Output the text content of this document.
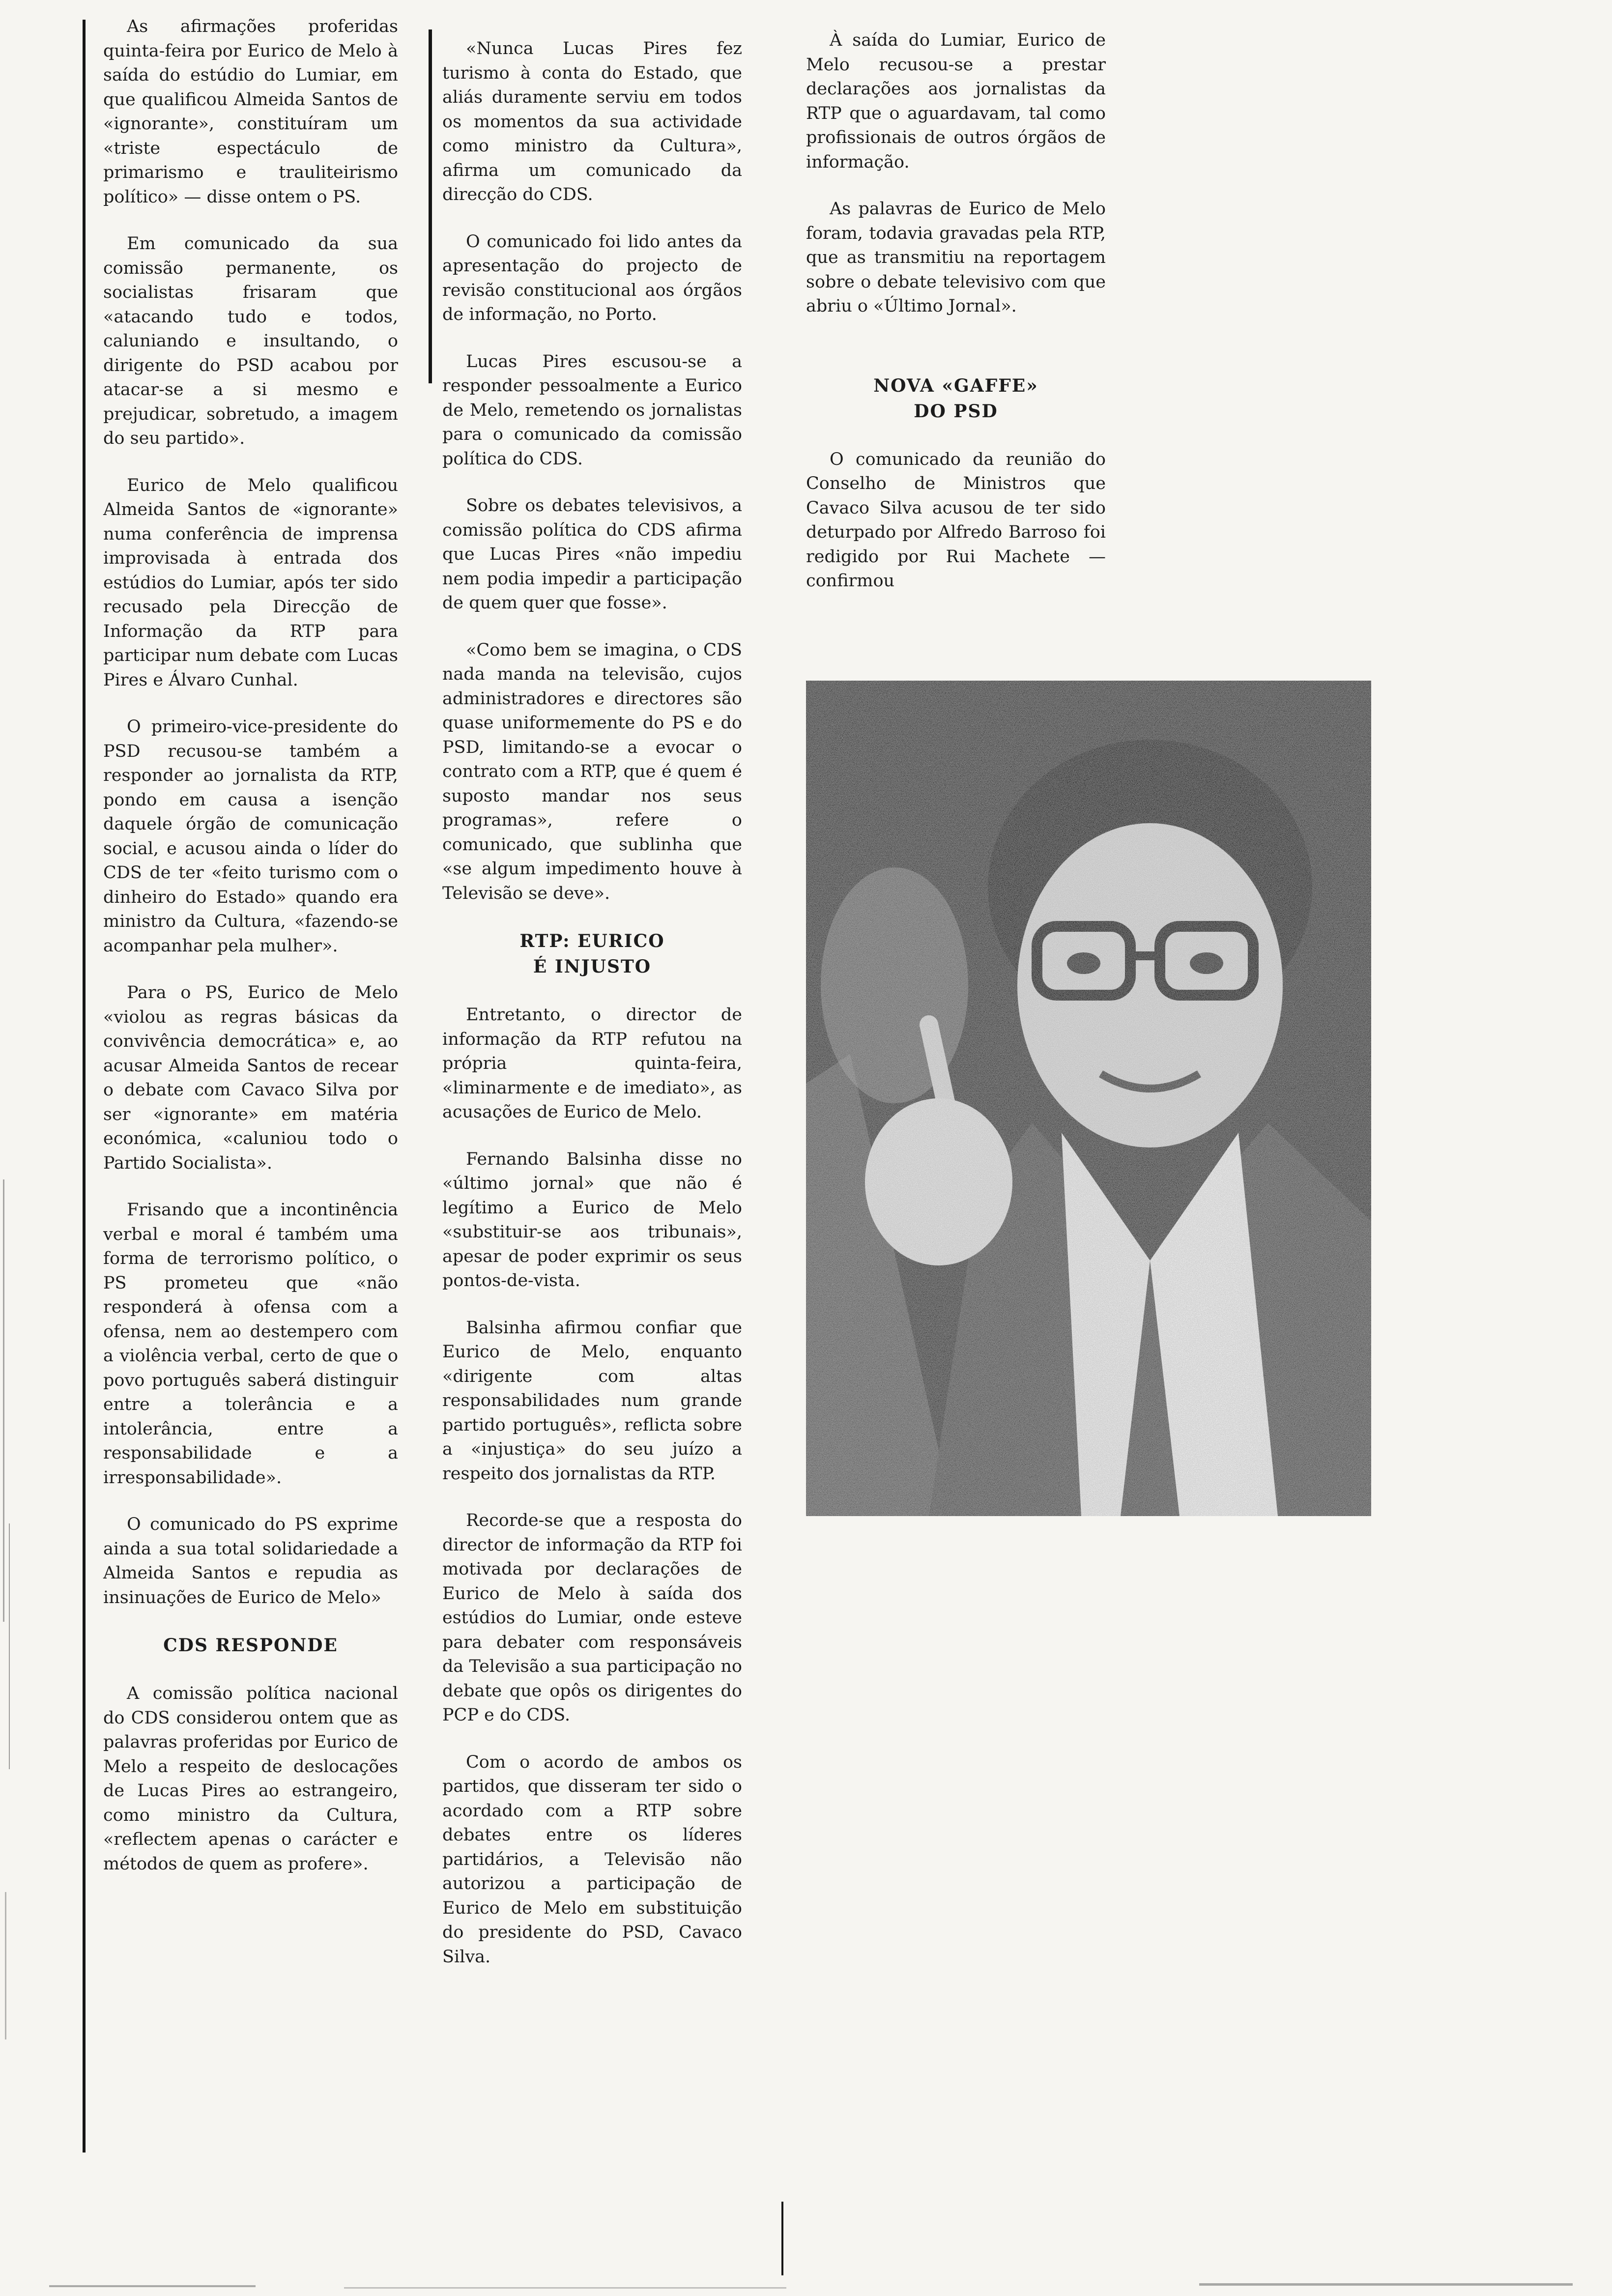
As afirmações proferidas quinta-feira por Eurico de Melo à saída do estúdio do Lumiar, em que qualificou Almeida Santos de «ignorante», constituíram um «triste espectáculo de primarismo e trauliteirismo político» — disse ontem o PS.

Em comunicado da sua comissão permanente, os socialistas frisaram que «atacando tudo e todos, caluniando e insultando, o dirigente do PSD acabou por atacar-se a si mesmo e prejudicar, sobretudo, a imagem do seu partido».

Eurico de Melo qualificou Almeida Santos de «ignorante» numa conferência de imprensa improvisada à entrada dos estúdios do Lumiar, após ter sido recusado pela Direcção de Informação da RTP para participar num debate com Lucas Pires e Álvaro Cunhal.

O primeiro-vice-presidente do PSD recusou-se também a responder ao jornalista da RTP, pondo em causa a isenção daquele órgão de comunicação social, e acusou ainda o líder do CDS de ter «feito turismo com o dinheiro do Estado» quando era ministro da Cultura, «fazendo-se acompanhar pela mulher».

Para o PS, Eurico de Melo «violou as regras básicas da convivência democrática» e, ao acusar Almeida Santos de recear o debate com Cavaco Silva por ser «ignorante» em matéria económica, «caluniou todo o Partido Socialista».

Frisando que a incontinência verbal e moral é também uma forma de terrorismo político, o PS prometeu que «não responderá à ofensa com a ofensa, nem ao destempero com a violência verbal, certo de que o povo português saberá distinguir entre a tolerância e a intolerância, entre a responsabilidade e a irresponsabilidade».

O comunicado do PS exprime ainda a sua total solidariedade a Almeida Santos e repudia as insinuações de Eurico de Melo»

CDS RESPONDE

A comissão política nacional do CDS considerou ontem que as palavras proferidas por Eurico de Melo a respeito de deslocações de Lucas Pires ao estrangeiro, como ministro da Cultura, «reflectem apenas o carácter e métodos de quem as profere».

«Nunca Lucas Pires fez turismo à conta do Estado, que aliás duramente serviu em todos os momentos da sua actividade como ministro da Cultura», afirma um comunicado da direcção do CDS.

O comunicado foi lido antes da apresentação do projecto de revisão constitucional aos órgãos de informação, no Porto.

Lucas Pires escusou-se a responder pessoalmente a Eurico de Melo, remetendo os jornalistas para o comunicado da comissão política do CDS.

Sobre os debates televisivos, a comissão política do CDS afirma que Lucas Pires «não impediu nem podia impedir a participação de quem quer que fosse».

«Como bem se imagina, o CDS nada manda na televisão, cujos administradores e directores são quase uniformemente do PS e do PSD, limitando-se a evocar o contrato com a RTP, que é quem é suposto mandar nos seus programas», refere o comunicado, que sublinha que «se algum impedimento houve à Televisão se deve».

RTP: EURICO
É INJUSTO

Entretanto, o director de informação da RTP refutou na própria quinta-feira, «liminarmente e de imediato», as acusações de Eurico de Melo.

Fernando Balsinha disse no «último jornal» que não é legítimo a Eurico de Melo «substituir-se aos tribunais», apesar de poder exprimir os seus pontos-de-vista.

Balsinha afirmou confiar que Eurico de Melo, enquanto «dirigente com altas responsabilidades num grande partido português», reflicta sobre a «injustiça» do seu juízo a respeito dos jornalistas da RTP.

Recorde-se que a resposta do director de informação da RTP foi motivada por declarações de Eurico de Melo à saída dos estúdios do Lumiar, onde esteve para debater com responsáveis da Televisão a sua participação no debate que opôs os dirigentes do PCP e do CDS.

Com o acordo de ambos os partidos, que disseram ter sido o acordado com a RTP sobre debates entre os líderes partidários, a Televisão não autorizou a participação de Eurico de Melo em substituição do presidente do PSD, Cavaco Silva.

À saída do Lumiar, Eurico de Melo recusou-se a prestar declarações aos jornalistas da RTP que o aguardavam, tal como profissionais de outros órgãos de informação.

As palavras de Eurico de Melo foram, todavia gravadas pela RTP, que as transmitiu na reportagem sobre o debate televisivo com que abriu o «Último Jornal».

NOVA «GAFFE»
DO PSD

O comunicado da reunião do Conselho de Ministros que Cavaco Silva acusou de ter sido deturpado por Alfredo Barroso foi redigido por Rui Machete — confirmou
